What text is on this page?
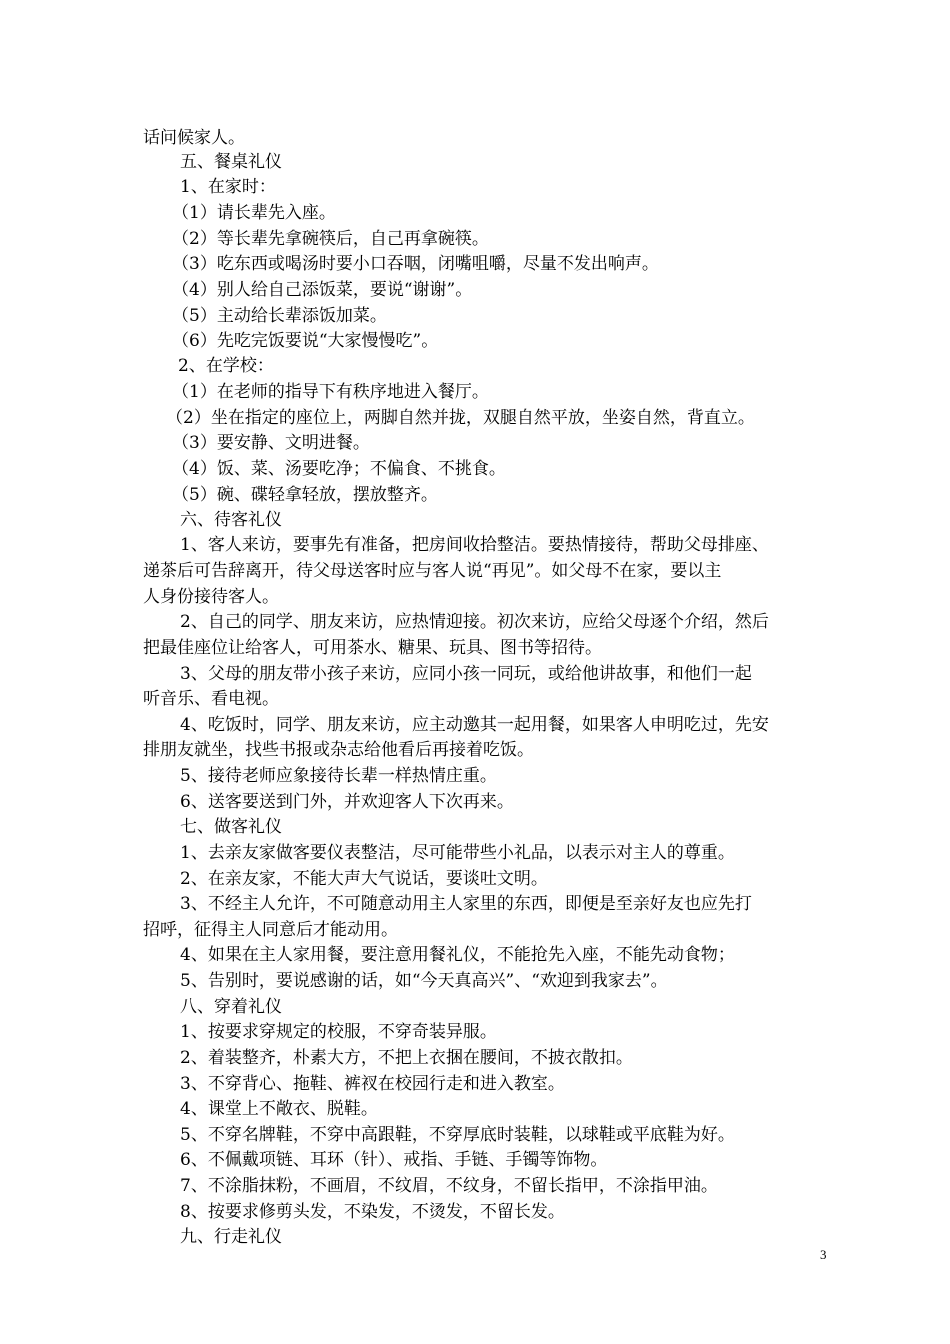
话问候家人。
五、餐桌礼仪
1、在家时：
（1）请长辈先入座。
（2）等长辈先拿碗筷后，自己再拿碗筷。
（3）吃东西或喝汤时要小口吞咽，闭嘴咀嚼，尽量不发出响声。
（4）别人给自己添饭菜，要说“谢谢”。
（5）主动给长辈添饭加菜。
（6）先吃完饭要说“大家慢慢吃”。
2、在学校：
（1）在老师的指导下有秩序地进入餐厅。
（2）坐在指定的座位上，两脚自然并拢，双腿自然平放，坐姿自然，背直立。
（3）要安静、文明进餐。
（4）饭、菜、汤要吃净；不偏食、不挑食。
（5）碗、碟轻拿轻放，摆放整齐。
六、待客礼仪
1、客人来访，要事先有准备，把房间收拾整洁。要热情接待，帮助父母排座、
递茶后可告辞离开，待父母送客时应与客人说“再见”。如父母不在家，要以主
人身份接待客人。
2、自己的同学、朋友来访，应热情迎接。初次来访，应给父母逐个介绍，然后
把最佳座位让给客人，可用茶水、糖果、玩具、图书等招待。
3、父母的朋友带小孩子来访，应同小孩一同玩，或给他讲故事，和他们一起
听音乐、看电视。
4、吃饭时，同学、朋友来访，应主动邀其一起用餐，如果客人申明吃过，先安
排朋友就坐，找些书报或杂志给他看后再接着吃饭。
5、接待老师应象接待长辈一样热情庄重。
6、送客要送到门外，并欢迎客人下次再来。
七、做客礼仪
1、去亲友家做客要仪表整洁，尽可能带些小礼品，以表示对主人的尊重。
2、在亲友家，不能大声大气说话，要谈吐文明。
3、不经主人允许，不可随意动用主人家里的东西，即便是至亲好友也应先打
招呼，征得主人同意后才能动用。
4、如果在主人家用餐，要注意用餐礼仪，不能抢先入座，不能先动食物；
5、告别时，要说感谢的话，如“今天真高兴”、“欢迎到我家去”。
八、穿着礼仪
1、按要求穿规定的校服，不穿奇装异服。
2、着装整齐，朴素大方，不把上衣捆在腰间，不披衣散扣。
3、不穿背心、拖鞋、裤衩在校园行走和进入教室。
4、课堂上不敞衣、脱鞋。
5、不穿名牌鞋，不穿中高跟鞋，不穿厚底时装鞋，以球鞋或平底鞋为好。
6、不佩戴项链、耳环（针）、戒指、手链、手镯等饰物。
7、不涂脂抹粉，不画眉，不纹眉，不纹身，不留长指甲，不涂指甲油。
8、按要求修剪头发，不染发，不烫发，不留长发。
九、行走礼仪
3
